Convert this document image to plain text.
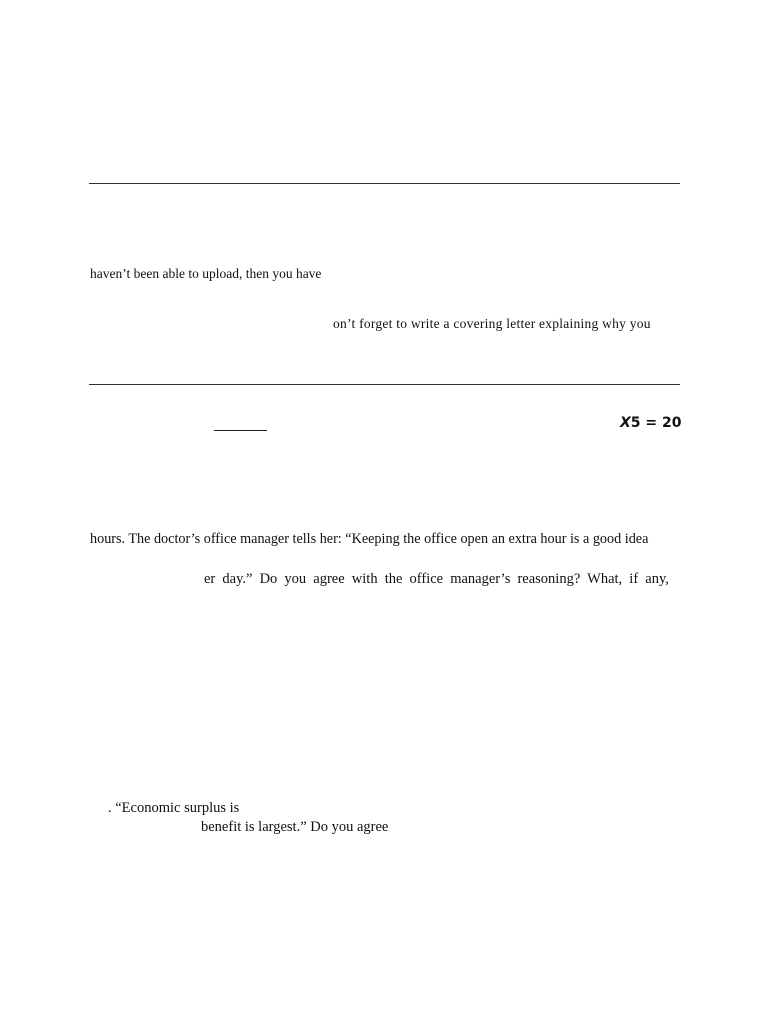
haven’t been able to upload, then you have
on’t forget to write a covering letter explaining why you
X5 = 20
hours. The doctor’s office manager tells her: “Keeping the office open an extra hour is a good idea
er day.” Do you agree with the office manager’s reasoning? What, if any,
. “Economic surplus is
benefit is largest.” Do you agree
